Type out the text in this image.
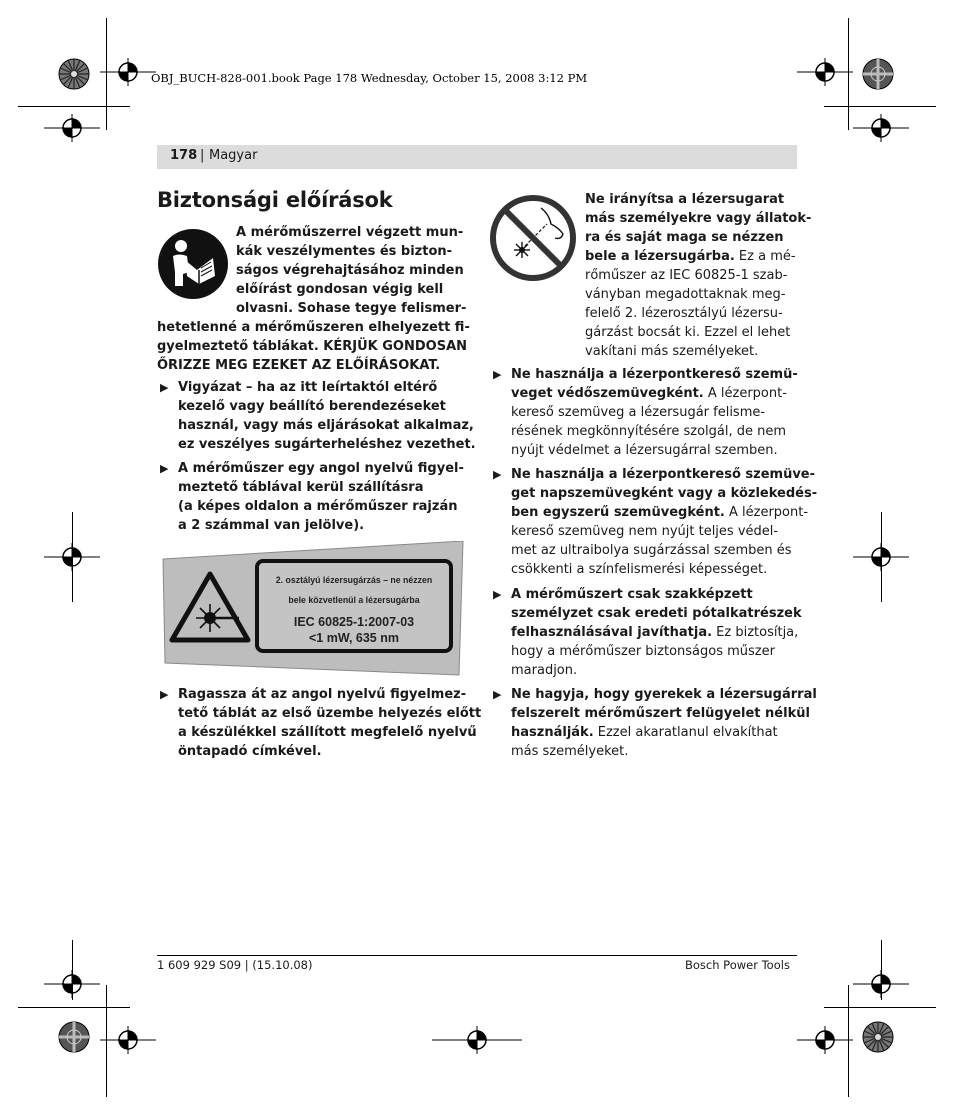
OBJ_BUCH-828-001.book Page 178 Wednesday, October 15, 2008 3:12 PM
178 | Magyar
Biztonsági előírások
A mérőműszerrel végzett mun-
kák veszélymentes és bizton-
ságos végrehajtásához minden
előírást gondosan végig kell
olvasni. Sohase tegye felismer-
hetetlenné a mérőműszeren elhelyezett fi-
gyelmeztető táblákat. KÉRJÜK GONDOSAN
ŐRIZZE MEG EZEKET AZ ELŐÍRÁSOKAT.
▶ Vigyázat – ha az itt leírtaktól eltérő
kezelő vagy beállító berendezéseket
használ, vagy más eljárásokat alkalmaz,
ez veszélyes sugárterheléshez vezethet.
▶ A mérőműszer egy angol nyelvű figyel-
meztető táblával kerül szállításra
(a képes oldalon a mérőműszer rajzán
a 2 számmal van jelölve).
2. osztályú lézersugárzás – ne nézzen
bele közvetlenül a lézersugárba
IEC 60825-1:2007-03
<1 mW, 635 nm
▶ Ragassza át az angol nyelvű figyelmez-
tető táblát az első üzembe helyezés előtt
a készülékkel szállított megfelelő nyelvű
öntapadó címkével.
Ne irányítsa a lézersugarat
más személyekre vagy állatok-
ra és saját maga se nézzen
bele a lézersugárba. Ez a mé-
rőműszer az IEC 60825-1 szab-
ványban megadottaknak meg-
felelő 2. lézerosztályú lézersu-
gárzást bocsát ki. Ezzel el lehet
vakítani más személyeket.
▶ Ne használja a lézerpontkereső szemü-
veget védőszemüvegként. A lézerpont-
kereső szemüveg a lézersugár felisme-
résének megkönnyítésére szolgál, de nem
nyújt védelmet a lézersugárral szemben.
▶ Ne használja a lézerpontkereső szemüve-
get napszemüvegként vagy a közlekedés-
ben egyszerű szemüvegként. A lézerpont-
kereső szemüveg nem nyújt teljes védel-
met az ultraibolya sugárzással szemben és
csökkenti a színfelismerési képességet.
▶ A mérőműszert csak szakképzett
személyzet csak eredeti pótalkatrészek
felhasználásával javíthatja. Ez biztosítja,
hogy a mérőműszer biztonságos műszer
maradjon.
▶ Ne hagyja, hogy gyerekek a lézersugárral
felszerelt mérőműszert felügyelet nélkül
használják. Ezzel akaratlanul elvakíthat
más személyeket.
1 609 929 S09 | (15.10.08)	Bosch Power Tools
